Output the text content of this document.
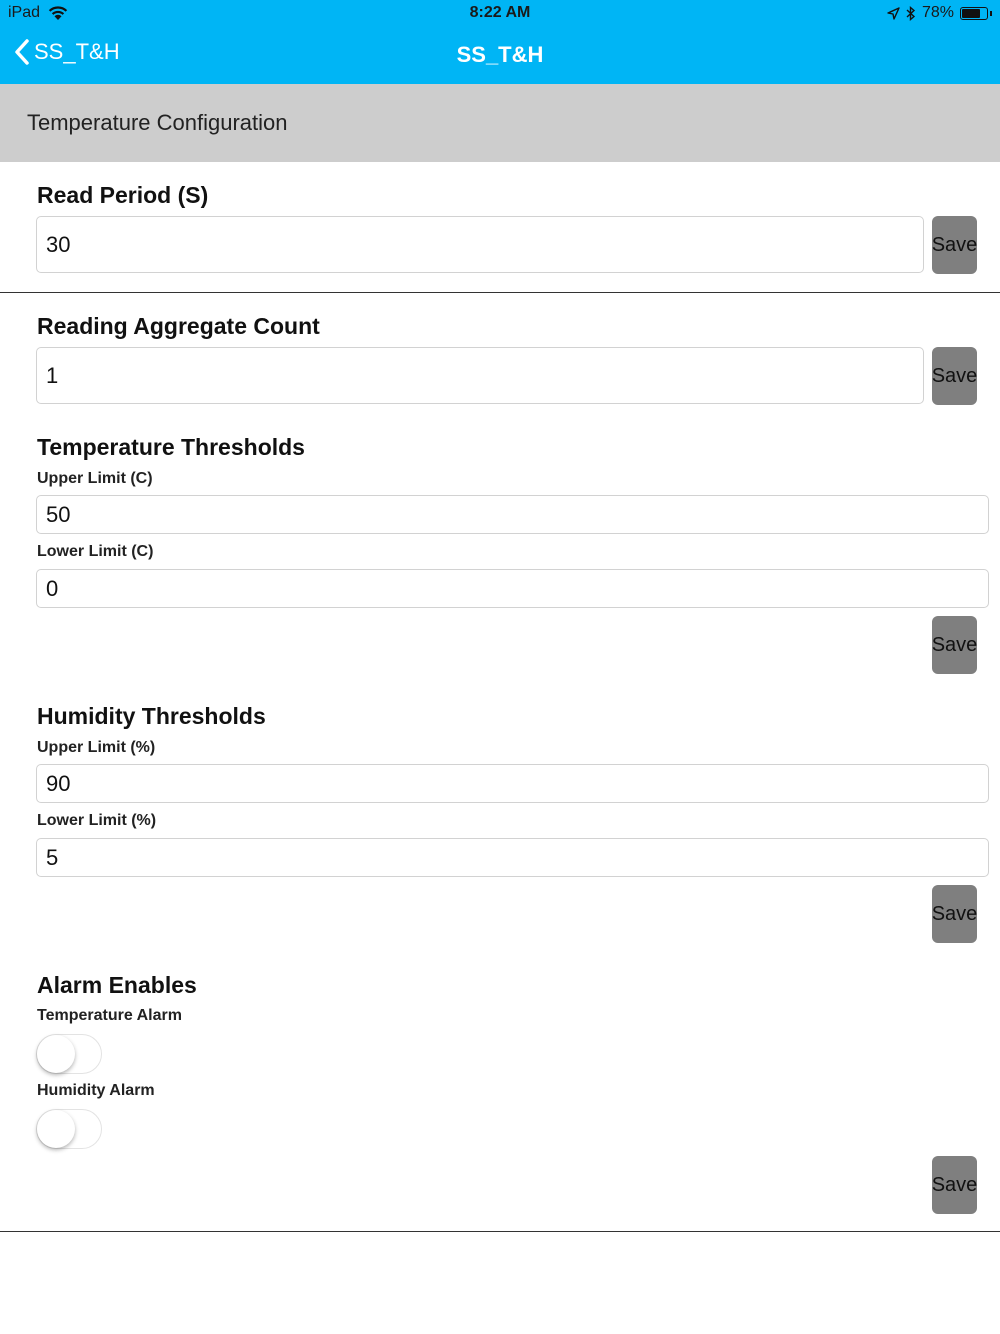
iPad	8:22 AM	78%
SS_T&H	SS_T&H
Temperature Configuration
Read Period (S)
30
Save
Reading Aggregate Count
1
Save
Temperature Thresholds
Upper Limit (C)
50
Lower Limit (C)
0
Save
Humidity Thresholds
Upper Limit (%)
90
Lower Limit (%)
5
Save
Alarm Enables
Temperature Alarm
Humidity Alarm
Save
